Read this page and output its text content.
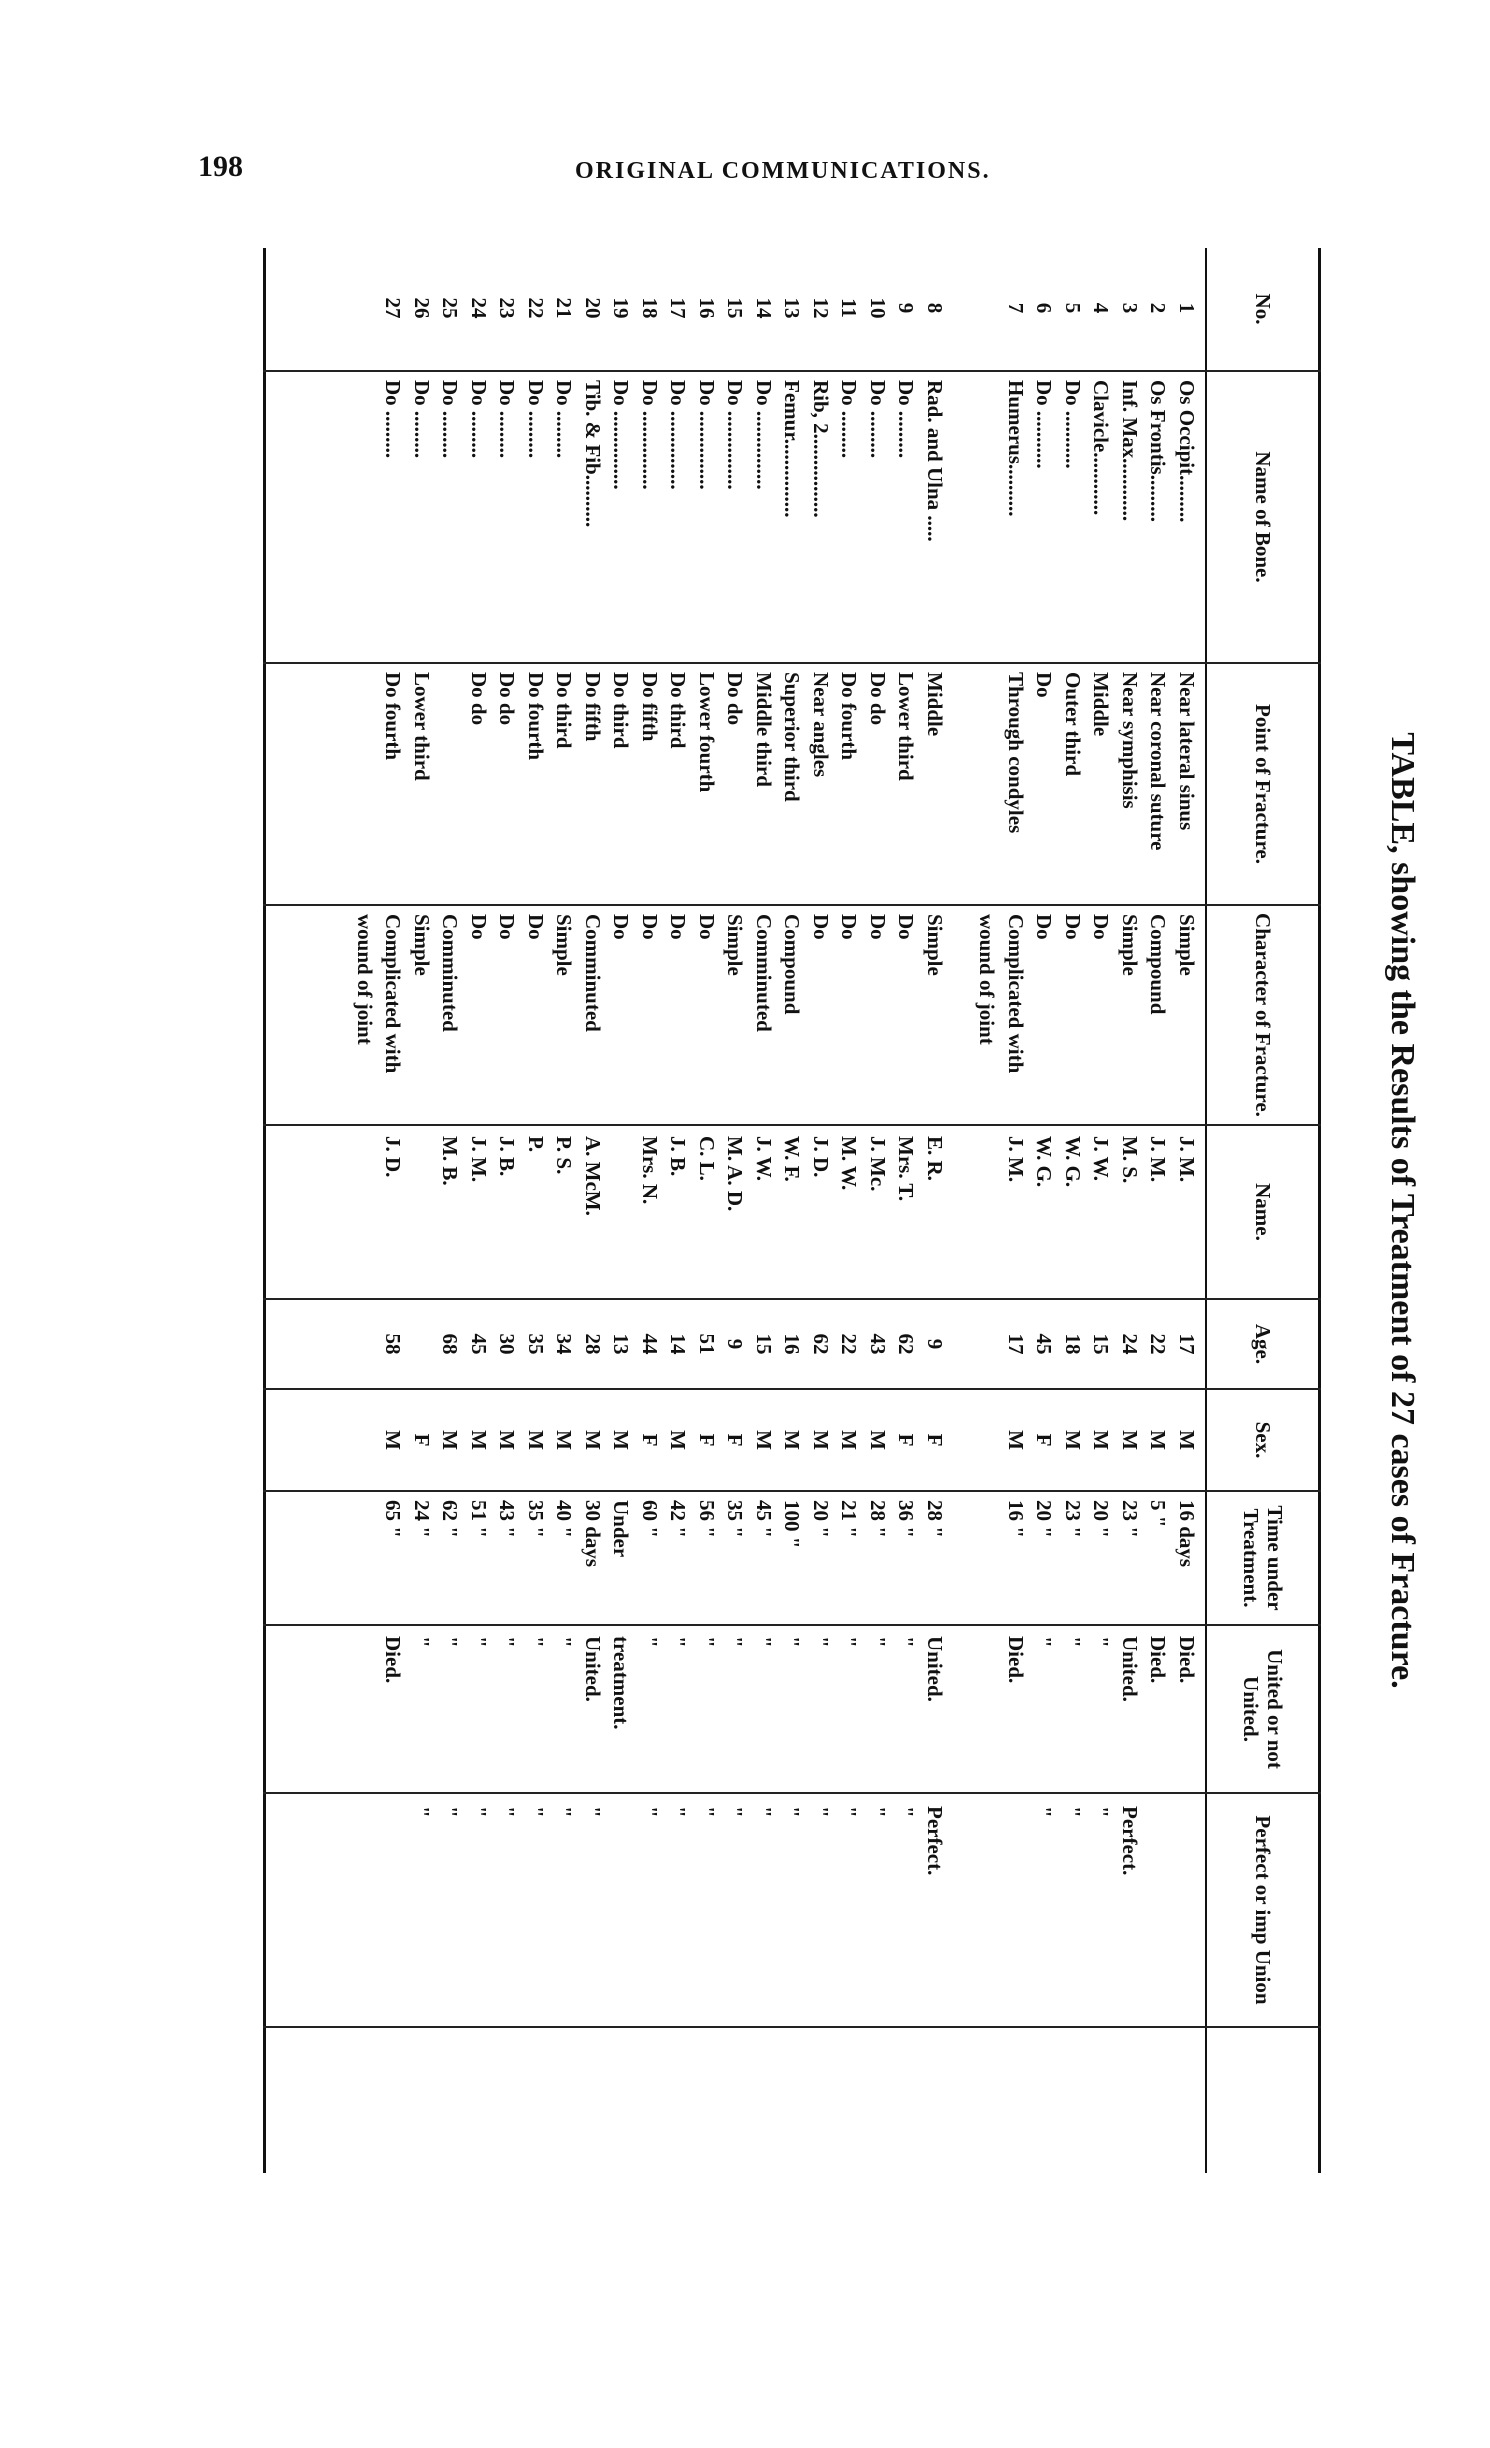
198	ORIGINAL COMMUNICATIONS.
TABLE, showing the Results of Treatment of 27 cases of Fracture.
No.
Name of Bone.
Point of Fracture.
Character of Fracture.
Name.
Age.
Sex.
Time under Treatment.
United or not United.
Perfect or imp Union
1
Os Occipit.........
Near lateral sinus
Simple
J. M.
17
M
16 days
Died.
2
Os Frontis.........
Near coronal suture
Compound
J. M.
22
M
5 "
Died.
3
Inf. Max............
Near symphisis
Simple
M. S.
24
M
23 "
United.
Perfect.
4
Clavicle............
Middle
Do
J. W.
15
M
20 "
"
"
5
Do ...........
Outer third
Do
W. G.
18
M
23 "
"
"
6
Do ...........
Do
Do
W. G.
45
F
20 "
"
"
7
Humerus..........
Through condyles
Complicated with
J. M.
17
M
16 "
Died.
wound of joint
8
Rad. and Ulna .....
Middle
Simple
E. R.
9
F
28 "
United.
Perfect.
9
Do .........
Lower third
Do
Mrs. T.
62
F
36 "
"
"
10
Do .........
Do do
Do
J. Mc.
43
M
28 "
"
"
11
Do .........
Do fourth
Do
M. W.
22
M
21 "
"
"
12
Rib, 2................
Near angles
Do
J. D.
62
M
20 "
"
"
13
Femur...............
Superior third
Compound
W. F.
16
M
100 "
"
"
14
Do ...............
Middle third
Comminuted
J. W.
15
M
45 "
"
"
15
Do ...............
Do do
Simple
M. A. D.
9
F
35 "
"
"
16
Do ...............
Lower fourth
Do
C. L.
51
F
56 "
"
"
17
Do ...............
Do third
Do
J. B.
14
M
42 "
"
"
18
Do ...............
Do fifth
Do
Mrs. N.
44
F
60 "
"
"
19
Do ...............
Do third
Do
13
M
Under
treatment.
20
Tib. & Fib..........
Do fifth
Comminuted
A. McM.
28
M
30 days
United.
"
21
Do .........
Do third
Simple
P. S.
34
M
40 "
"
"
22
Do .........
Do fourth
Do
P.
35
M
35 "
"
"
23
Do .........
Do do
Do
J. B.
30
M
43 "
"
"
24
Do .........
Do do
Do
J. M.
45
M
51 "
"
"
25
Do .........
Comminuted
M. B.
68
M
62 "
"
"
26
Do .........
Lower third
Simple
F
24 "
"
"
27
Do .........
Do fourth
Complicated with
J. D.
58
M
65 "
Died.
wound of joint
